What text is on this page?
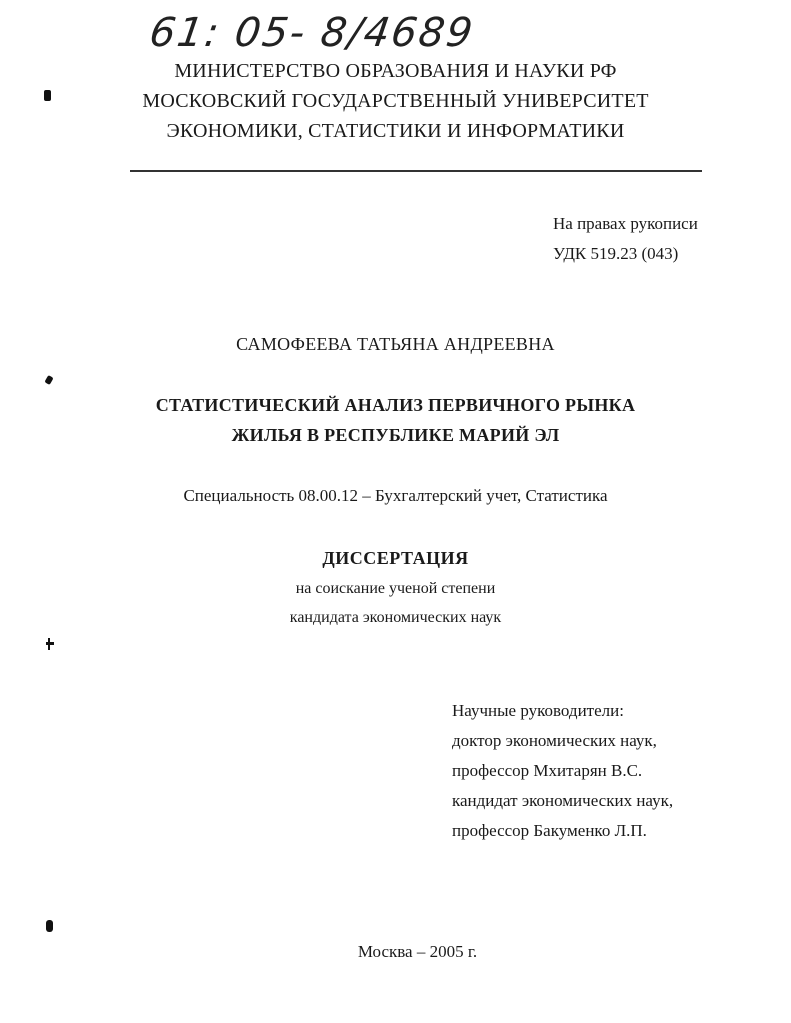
61: 05- 8/4689
МИНИСТЕРСТВО ОБРАЗОВАНИЯ И НАУКИ РФ
МОСКОВСКИЙ ГОСУДАРСТВЕННЫЙ УНИВЕРСИТЕТ
ЭКОНОМИКИ, СТАТИСТИКИ И ИНФОРМАТИКИ
На правах рукописи
УДК 519.23 (043)
САМОФЕЕВА ТАТЬЯНА АНДРЕЕВНА
СТАТИСТИЧЕСКИЙ АНАЛИЗ ПЕРВИЧНОГО РЫНКА
ЖИЛЬЯ В РЕСПУБЛИКЕ МАРИЙ ЭЛ
Специальность 08.00.12 – Бухгалтерский учет, Статистика
ДИССЕРТАЦИЯ
на соискание ученой степени
кандидата экономических наук
Научные руководители:
доктор экономических наук,
профессор Мхитарян В.С.
кандидат экономических наук,
профессор Бакуменко Л.П.
Москва – 2005 г.
